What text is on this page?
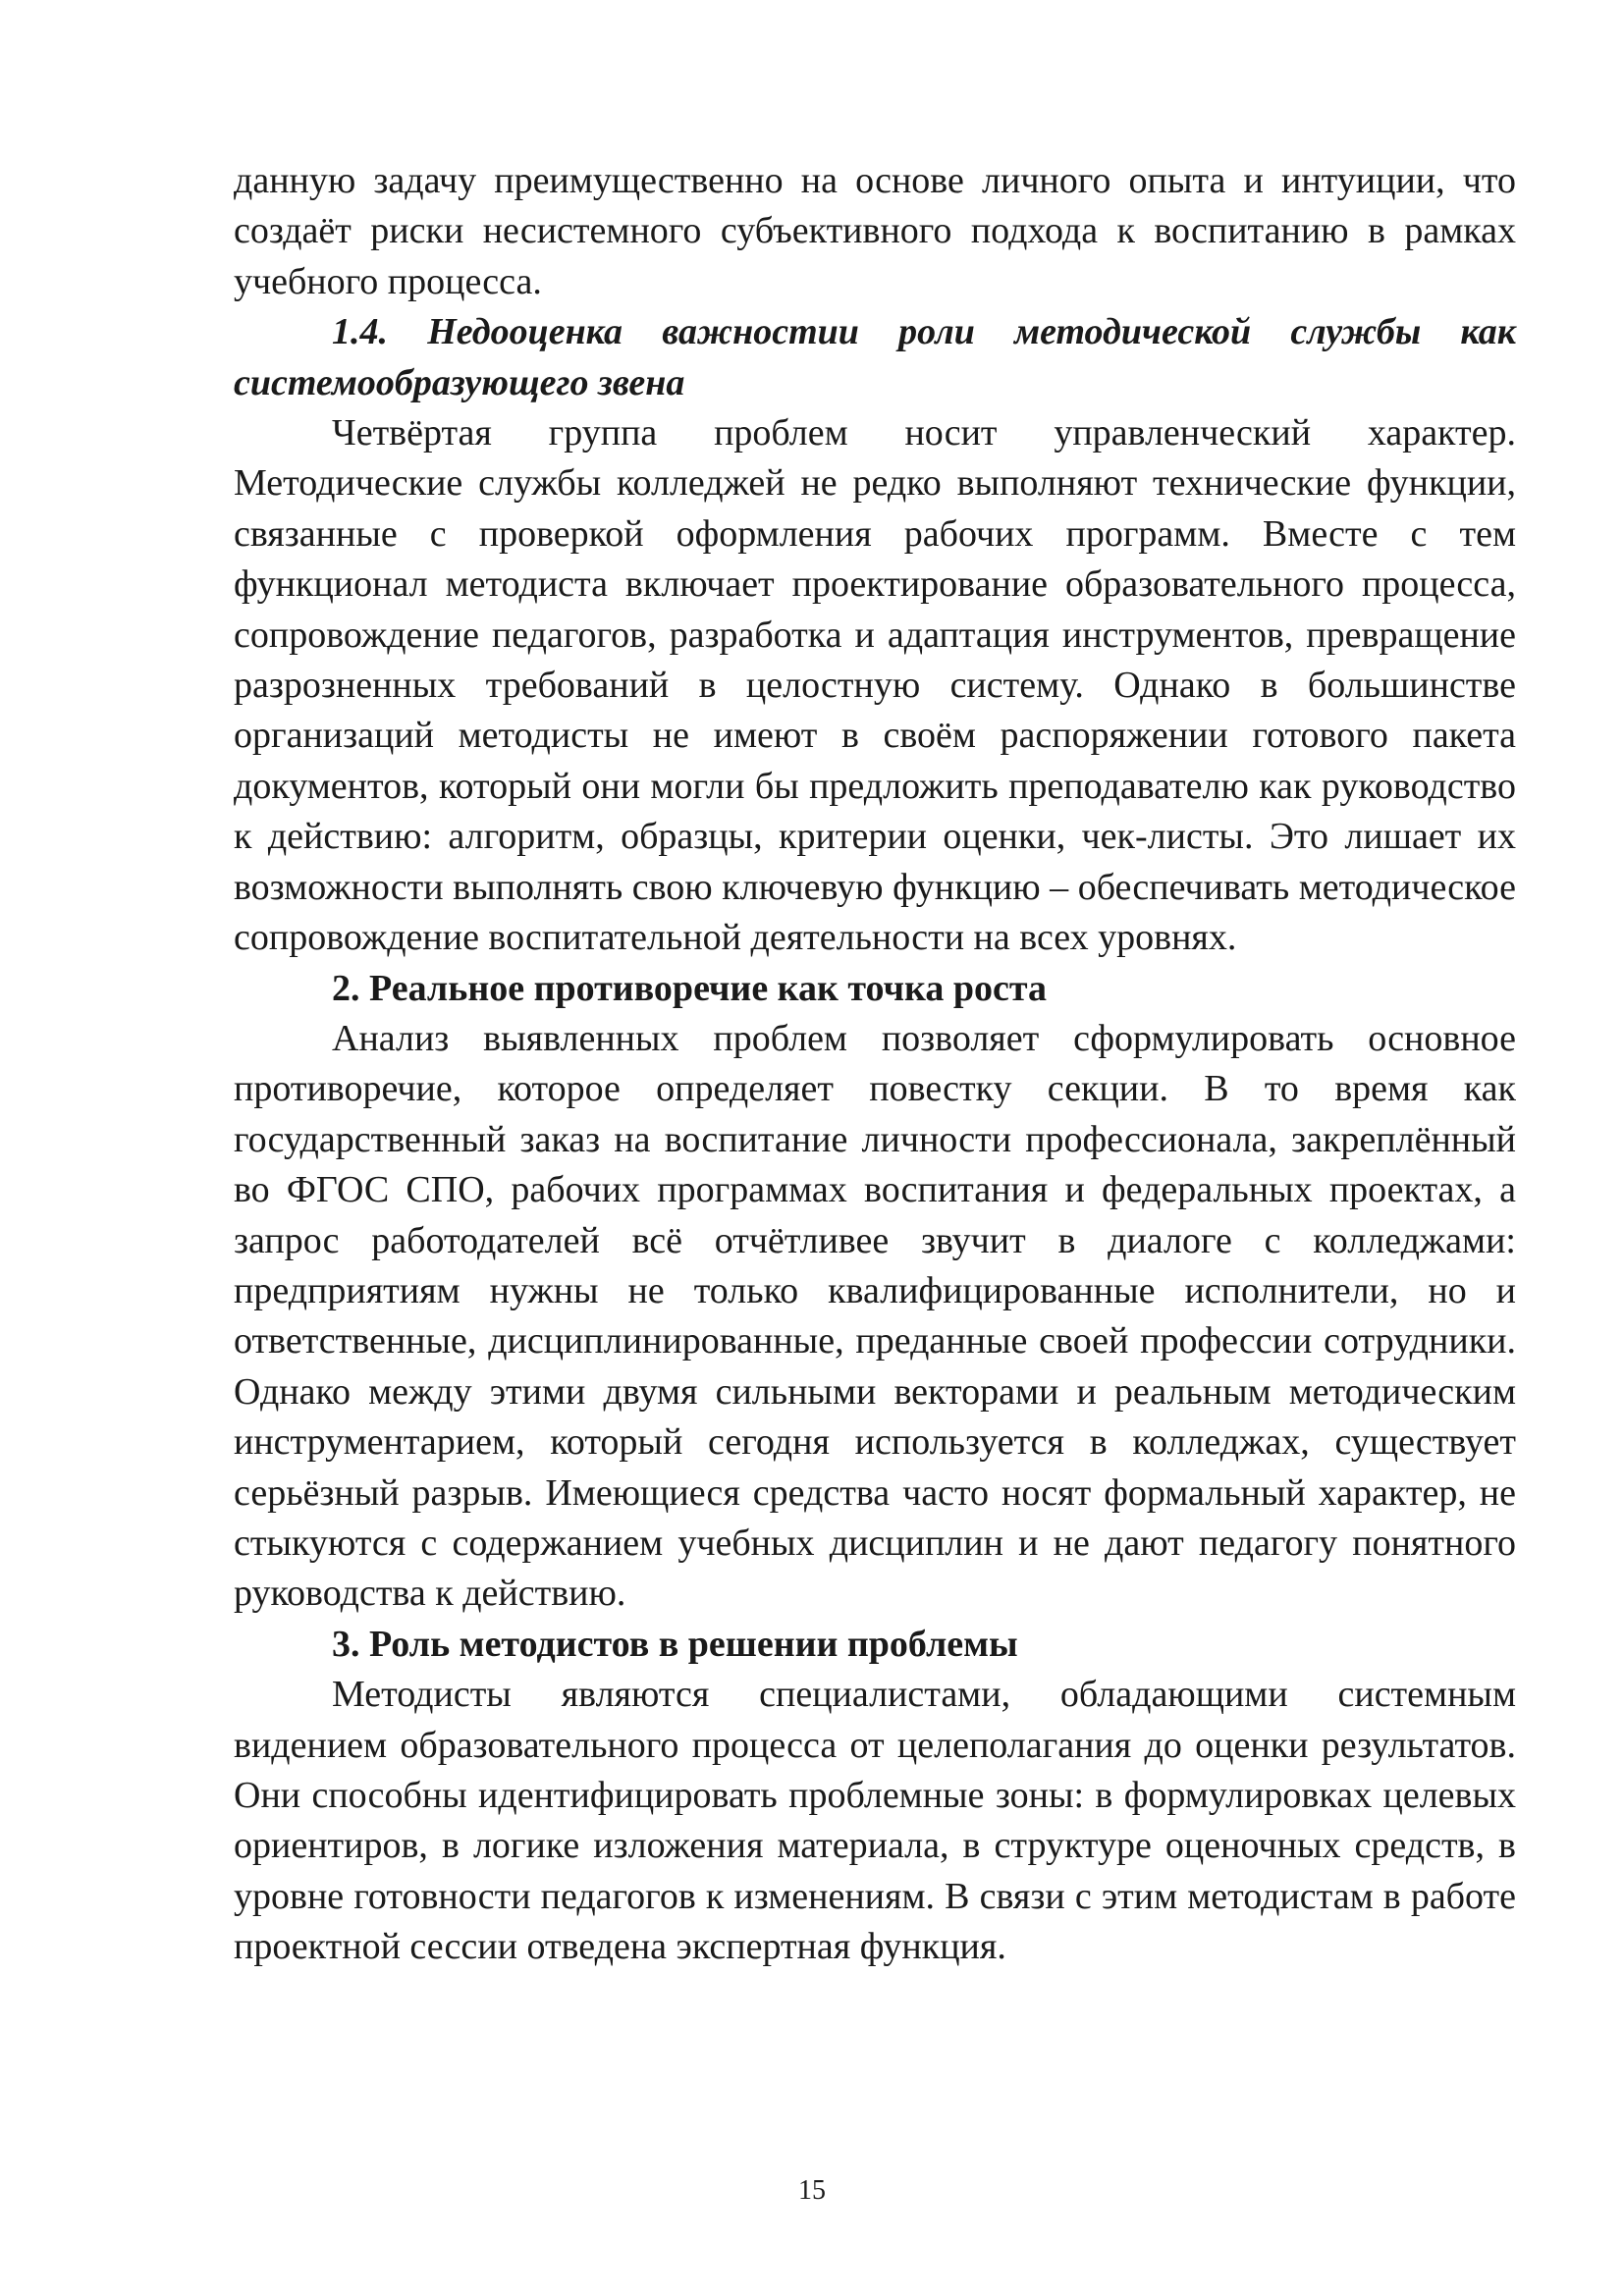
данную задачу преимущественно на основе личного опыта и интуиции, что создаёт риски несистемного субъективного подхода к воспитанию в рамках учебного процесса.

1.4. Недооценка важностии роли методической службы как системообразующего звена

Четвёртая группа проблем носит управленческий характер. Методические службы колледжей не редко выполняют технические функции, связанные с проверкой оформления рабочих программ. Вместе с тем функционал методиста включает проектирование образовательного процесса, сопровождение педагогов, разработка и адаптация инструментов, превращение разрозненных требований в целостную систему. Однако в большинстве организаций методисты не имеют в своём распоряжении готового пакета документов, который они могли бы предложить преподавателю как руководство к действию: алгоритм, образцы, критерии оценки, чек-листы. Это лишает их возможности выполнять свою ключевую функцию – обеспечивать методическое сопровождение воспитательной деятельности на всех уровнях.

2. Реальное противоречие как точка роста

Анализ выявленных проблем позволяет сформулировать основное противоречие, которое определяет повестку секции. В то время как государственный заказ на воспитание личности профессионала, закреплённый во ФГОС СПО, рабочих программах воспитания и федеральных проектах, а запрос работодателей всё отчётливее звучит в диалоге с колледжами: предприятиям нужны не только квалифицированные исполнители, но и ответственные, дисциплинированные, преданные своей профессии сотрудники. Однако между этими двумя сильными векторами и реальным методическим инструментарием, который сегодня используется в колледжах, существует серьёзный разрыв. Имеющиеся средства часто носят формальный характер, не стыкуются с содержанием учебных дисциплин и не дают педагогу понятного руководства к действию.

3. Роль методистов в решении проблемы

Методисты являются специалистами, обладающими системным видением образовательного процесса от целеполагания до оценки результатов. Они способны идентифицировать проблемные зоны: в формулировках целевых ориентиров, в логике изложения материала, в структуре оценочных средств, в уровне готовности педагогов к изменениям. В связи с этим методистам в работе проектной сессии отведена экспертная функция.

15
